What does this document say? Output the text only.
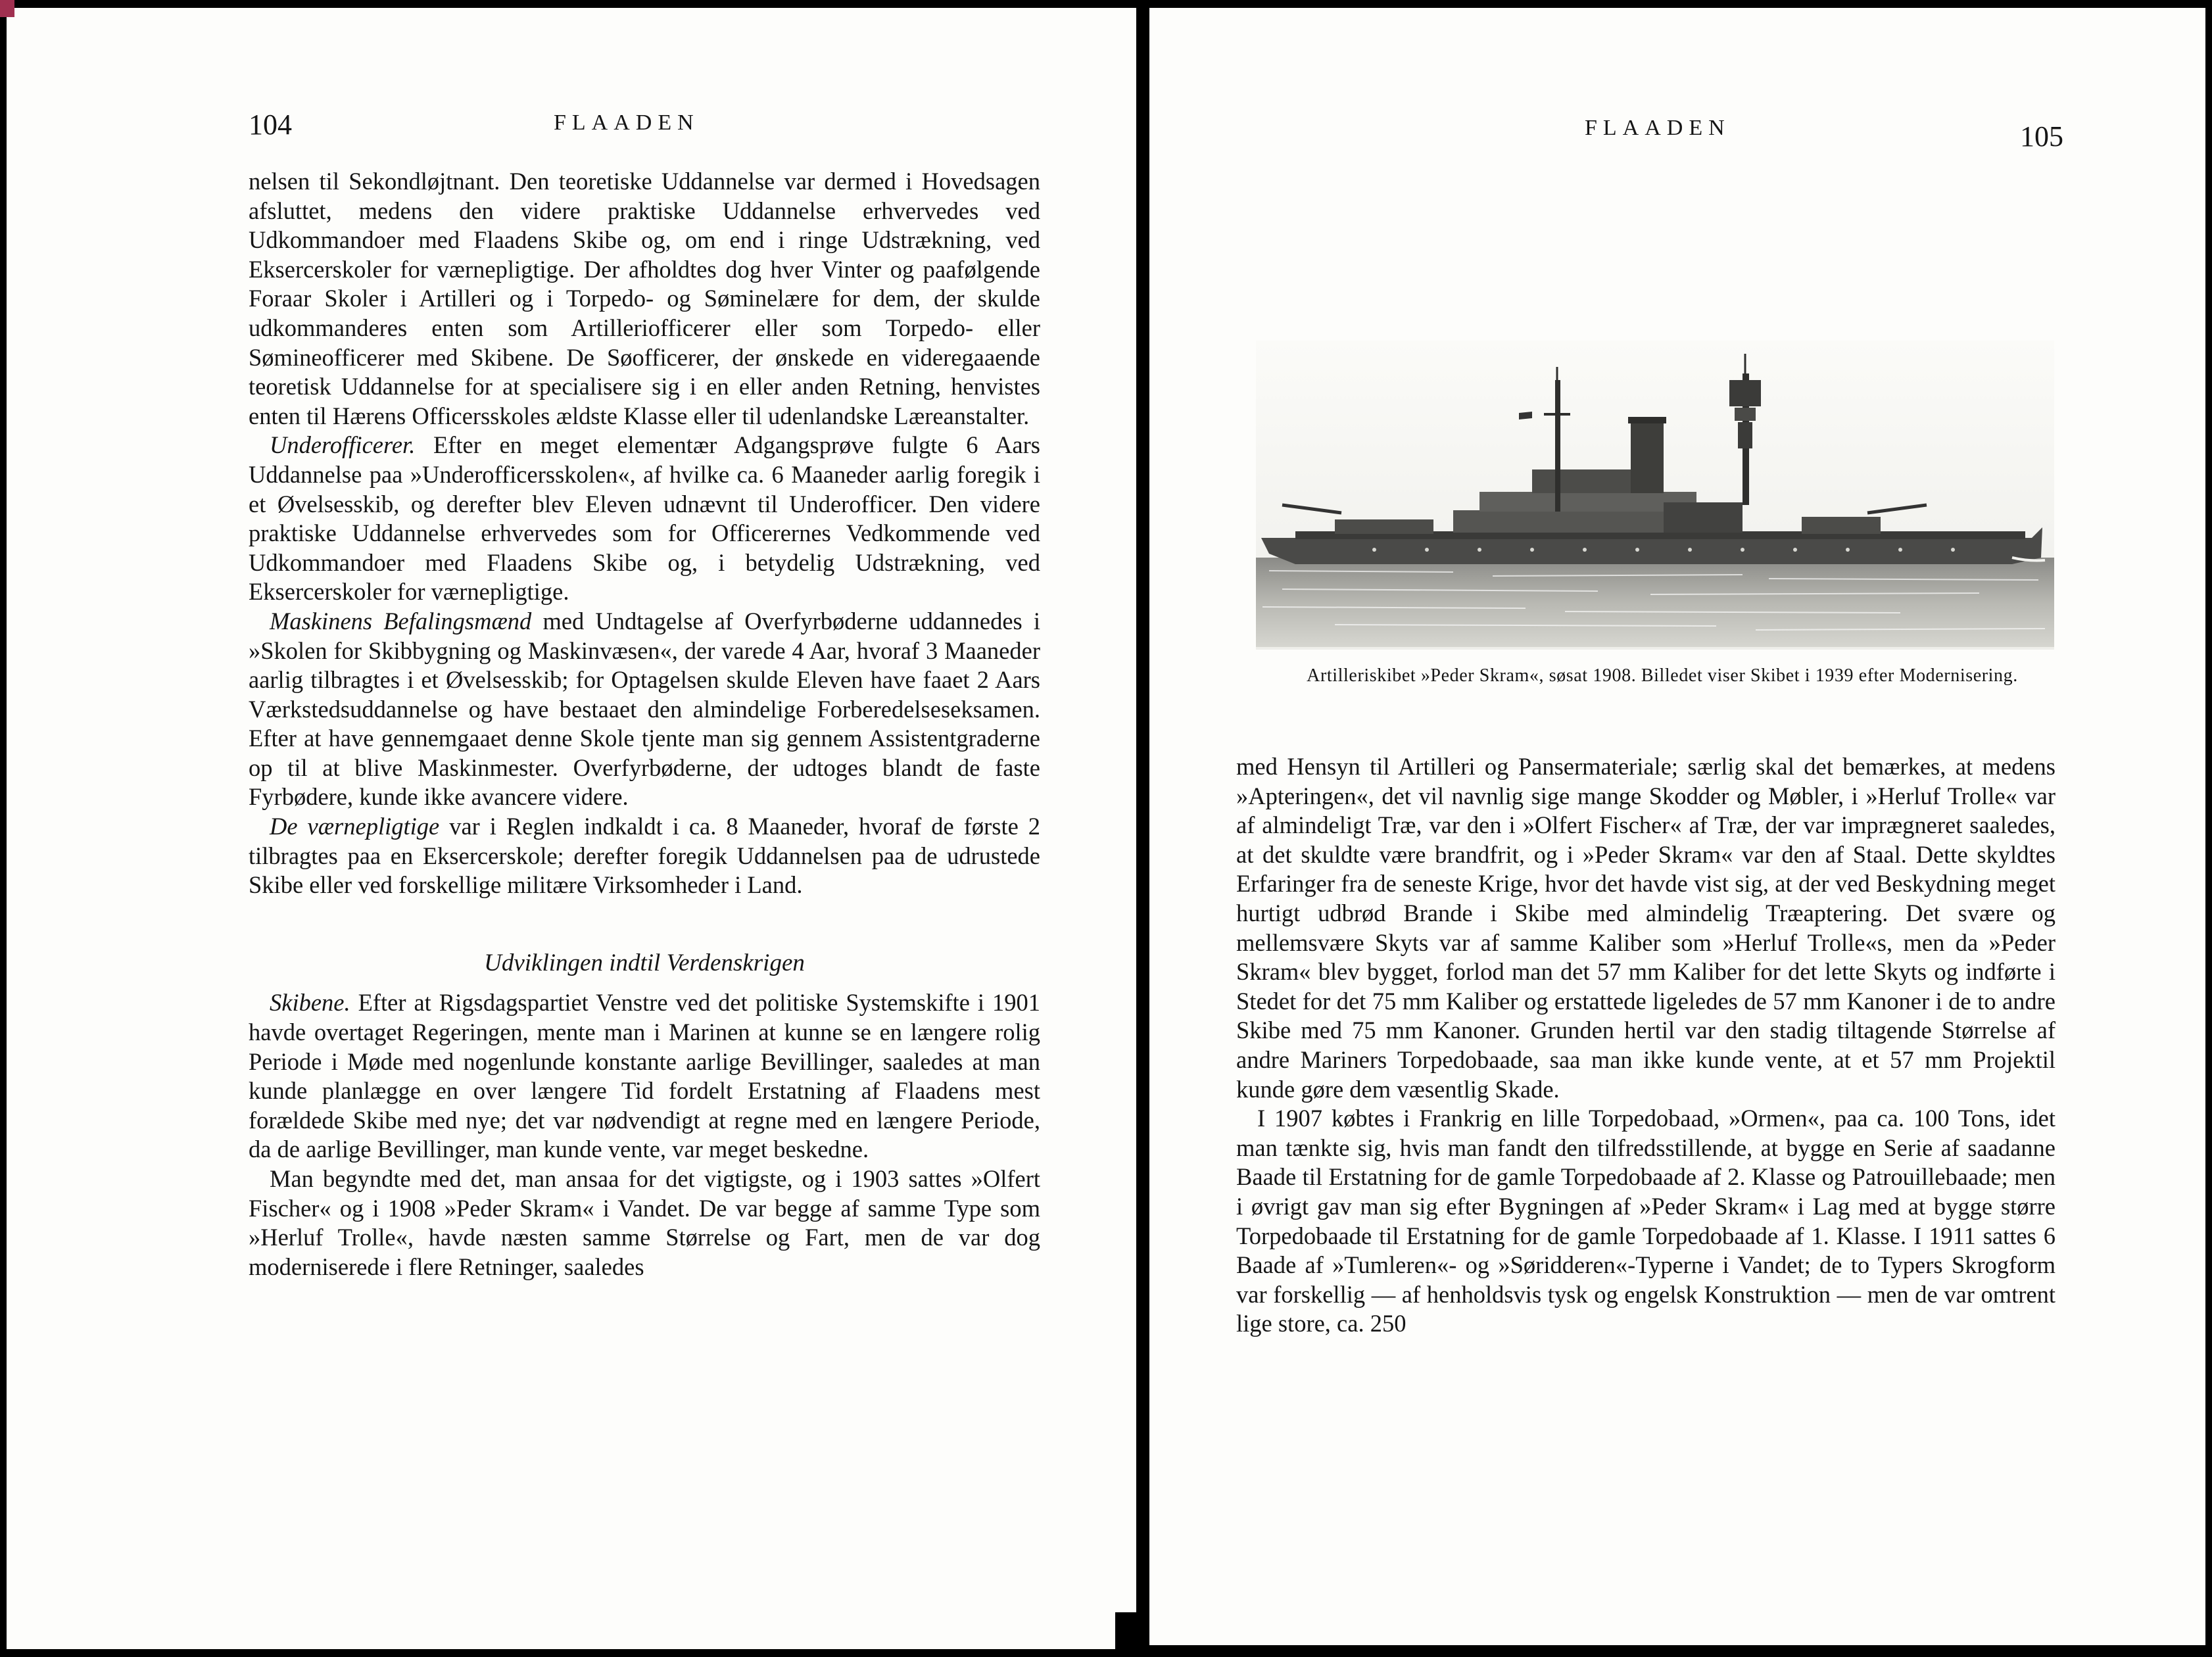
104	FLAADEN

nelsen til Sekondløjtnant. Den teoretiske Uddannelse var dermed i Hovedsagen afsluttet, medens den videre praktiske Uddannelse erhvervedes ved Udkommandoer med Flaadens Skibe og, om end i ringe Udstrækning, ved Eksercerskoler for værnepligtige. Der afholdtes dog hver Vinter og paafølgende Foraar Skoler i Artilleri og i Torpedo- og Søminelære for dem, der skulde udkommanderes enten som Artilleriofficerer eller som Torpedo- eller Sømineofficerer med Skibene. De Søofficerer, der ønskede en videregaaende teoretisk Uddannelse for at specialisere sig i en eller anden Retning, henvistes enten til Hærens Officersskoles ældste Klasse eller til udenlandske Læreanstalter.

Underofficerer. Efter en meget elementær Adgangsprøve fulgte 6 Aars Uddannelse paa »Underofficersskolen«, af hvilke ca. 6 Maaneder aarlig foregik i et Øvelsesskib, og derefter blev Eleven udnævnt til Underofficer. Den videre praktiske Uddannelse erhvervedes som for Officerernes Vedkommende ved Udkommandoer med Flaadens Skibe og, i betydelig Udstrækning, ved Eksercerskoler for værnepligtige.

Maskinens Befalingsmænd med Undtagelse af Overfyrbøderne uddannedes i »Skolen for Skibbygning og Maskinvæsen«, der varede 4 Aar, hvoraf 3 Maaneder aarlig tilbragtes i et Øvelsesskib; for Optagelsen skulde Eleven have faaet 2 Aars Værkstedsuddannelse og have bestaaet den almindelige Forberedelseseksamen. Efter at have gennemgaaet denne Skole tjente man sig gennem Assistentgraderne op til at blive Maskinmester. Overfyrbøderne, der udtoges blandt de faste Fyrbødere, kunde ikke avancere videre.

De værnepligtige var i Reglen indkaldt i ca. 8 Maaneder, hvoraf de første 2 tilbragtes paa en Eksercerskole; derefter foregik Uddannelsen paa de udrustede Skibe eller ved forskellige militære Virksomheder i Land.

Udviklingen indtil Verdenskrigen

Skibene. Efter at Rigsdagspartiet Venstre ved det politiske Systemskifte i 1901 havde overtaget Regeringen, mente man i Marinen at kunne se en længere rolig Periode i Møde med nogenlunde konstante aarlige Bevillinger, saaledes at man kunde planlægge en over længere Tid fordelt Erstatning af Flaadens mest forældede Skibe med nye; det var nødvendigt at regne med en længere Periode, da de aarlige Bevillinger, man kunde vente, var meget beskedne.

Man begyndte med det, man ansaa for det vigtigste, og i 1903 sattes »Olfert Fischer« og i 1908 »Peder Skram« i Vandet. De var begge af samme Type som »Herluf Trolle«, havde næsten samme Størrelse og Fart, men de var dog moderniserede i flere Retninger, saaledes

FLAADEN	105
Artilleriskibet »Peder Skram«, søsat 1908. Billedet viser Skibet i 1939 efter Modernisering.

med Hensyn til Artilleri og Pansermateriale; særlig skal det bemærkes, at medens »Apteringen«, det vil navnlig sige mange Skodder og Møbler, i »Herluf Trolle« var af almindeligt Træ, var den i »Olfert Fischer« af Træ, der var imprægneret saaledes, at det skuldte være brandfrit, og i »Peder Skram« var den af Staal. Dette skyldtes Erfaringer fra de seneste Krige, hvor det havde vist sig, at der ved Beskydning meget hurtigt udbrød Brande i Skibe med almindelig Træaptering. Det svære og mellemsvære Skyts var af samme Kaliber som »Herluf Trolle«s, men da »Peder Skram« blev bygget, forlod man det 57 mm Kaliber for det lette Skyts og indførte i Stedet for det 75 mm Kaliber og erstattede ligeledes de 57 mm Kanoner i de to andre Skibe med 75 mm Kanoner. Grunden hertil var den stadig tiltagende Størrelse af andre Mariners Torpedobaade, saa man ikke kunde vente, at et 57 mm Projektil kunde gøre dem væsentlig Skade.

I 1907 købtes i Frankrig en lille Torpedobaad, »Ormen«, paa ca. 100 Tons, idet man tænkte sig, hvis man fandt den tilfredsstillende, at bygge en Serie af saadanne Baade til Erstatning for de gamle Torpedobaade af 2. Klasse og Patrouillebaade; men i øvrigt gav man sig efter Bygningen af »Peder Skram« i Lag med at bygge større Torpedobaade til Erstatning for de gamle Torpedobaade af 1. Klasse. I 1911 sattes 6 Baade af »Tumleren«- og »Søridderen«-Typerne i Vandet; de to Typers Skrogform var forskellig — af henholdsvis tysk og engelsk Konstruktion — men de var omtrent lige store, ca. 250
